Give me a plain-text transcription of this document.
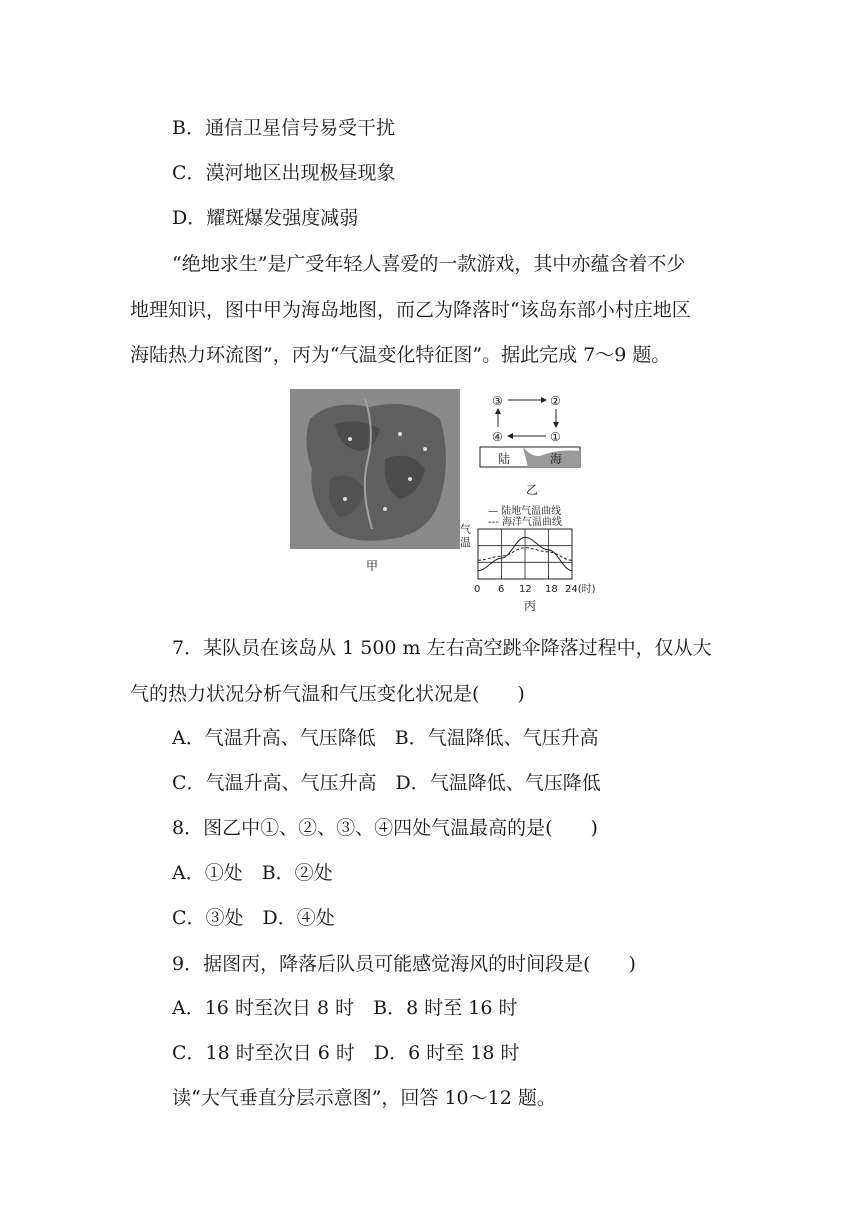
B．通信卫星信号易受干扰
C．漠河地区出现极昼现象
D．耀斑爆发强度减弱
“绝地求生”是广受年轻人喜爱的一款游戏，其中亦蕴含着不少
地理知识，图中甲为海岛地图，而乙为降落时“该岛东部小村庄地区
海陆热力环流图”，丙为“气温变化特征图”。据此完成 7～9 题。
甲
③	②
④	①
陆	海
乙
— 陆地气温曲线
--- 海洋气温曲线
气
温
0 6 12 18 24(时)
丙
7．某队员在该岛从 1 500 m 左右高空跳伞降落过程中，仅从大
气的热力状况分析气温和气压变化状况是(　　)
A．气温升高、气压降低　B．气温降低、气压升高
C．气温升高、气压升高　D．气温降低、气压降低
8．图乙中①、②、③、④四处气温最高的是(　　)
A．①处　B．②处
C．③处　D．④处
9．据图丙，降落后队员可能感觉海风的时间段是(　　)
A．16 时至次日 8 时　B．8 时至 16 时
C．18 时至次日 6 时　D．6 时至 18 时
读“大气垂直分层示意图”，回答 10～12 题。
